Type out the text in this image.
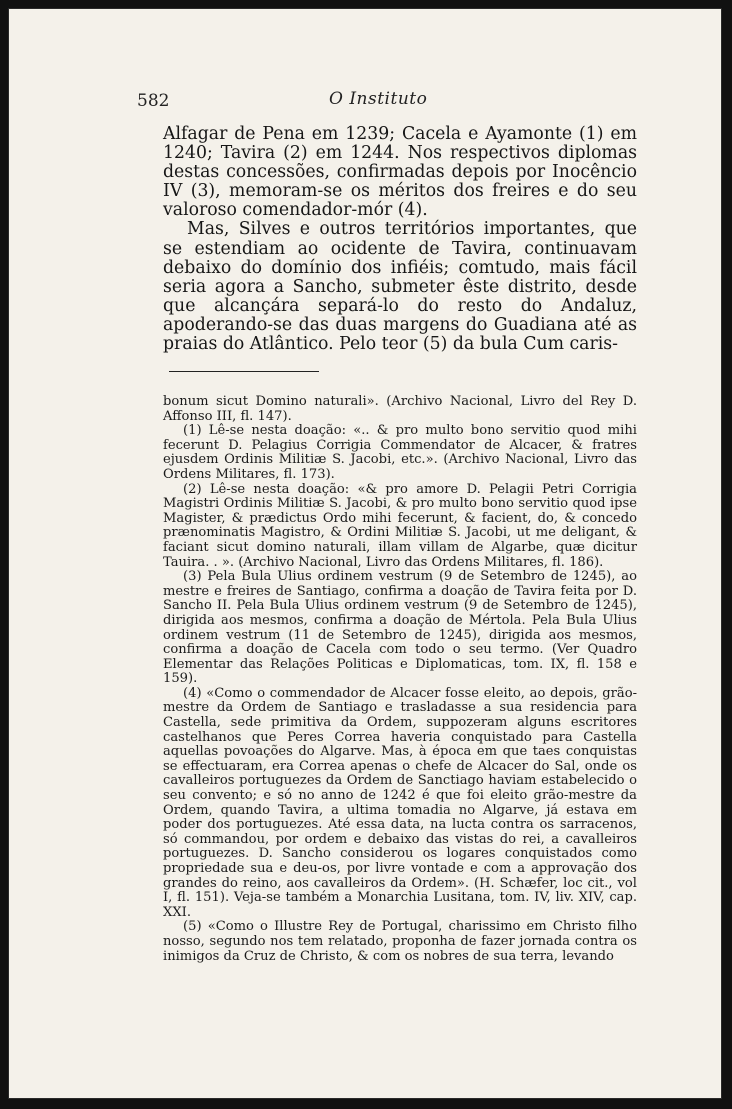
582	O Instituto

Alfagar de Pena em 1239; Cacela e Ayamonte (1) em 1240; Tavira (2) em 1244. Nos respectivos diplomas destas concessões, confirmadas depois por Inocêncio IV (3), memoram-se os méritos dos freires e do seu valoroso comendador-mór (4).

Mas, Silves e outros territórios importantes, que se estendiam ao ocidente de Tavira, continuavam debaixo do domínio dos infiéis; comtudo, mais fácil seria agora a Sancho, submeter êste distrito, desde que alcançára separá-lo do resto do Andaluz, apoderando-se das duas margens do Guadiana até as praias do Atlântico. Pelo teor (5) da bula Cum caris-

bonum sicut Domino naturali». (Archivo Nacional, Livro del Rey D. Affonso III, fl. 147).

(1) Lê-se nesta doação: «.. & pro multo bono servitio quod mihi fecerunt D. Pelagius Corrigia Commendator de Alcacer, & fratres ejusdem Ordinis Militiæ S. Jacobi, etc.». (Archivo Nacional, Livro das Ordens Militares, fl. 173).

(2) Lê-se nesta doação: «& pro amore D. Pelagii Petri Corrigia Magistri Ordinis Militiæ S. Jacobi, & pro multo bono servitio quod ipse Magister, & prædictus Ordo mihi fecerunt, & facient, do, & concedo prænominatis Magistro, & Ordini Militiæ S. Jacobi, ut me deligant, & faciant sicut domino naturali, illam villam de Algarbe, quæ dicitur Tauira. . ». (Archivo Nacional, Livro das Ordens Militares, fl. 186).

(3) Pela Bula Ulius ordinem vestrum (9 de Setembro de 1245), ao mestre e freires de Santiago, confirma a doação de Tavira feita por D. Sancho II. Pela Bula Ulius ordinem vestrum (9 de Setembro de 1245), dirigida aos mesmos, confirma a doação de Mértola. Pela Bula Ulius ordinem vestrum (11 de Setembro de 1245), dirigida aos mesmos, confirma a doação de Cacela com todo o seu termo. (Ver Quadro Elementar das Relações Politicas e Diplomaticas, tom. IX, fl. 158 e 159).

(4) «Como o commendador de Alcacer fosse eleito, ao depois, grão-mestre da Ordem de Santiago e trasladasse a sua residencia para Castella, sede primitiva da Ordem, suppozeram alguns escritores castelhanos que Peres Correa haveria conquistado para Castella aquellas povoações do Algarve. Mas, à época em que taes conquistas se effectuaram, era Correa apenas o chefe de Alcacer do Sal, onde os cavalleiros portuguezes da Ordem de Sanctiago haviam estabelecido o seu convento; e só no anno de 1242 é que foi eleito grão-mestre da Ordem, quando Tavira, a ultima tomadia no Algarve, já estava em poder dos portuguezes. Até essa data, na lucta contra os sarracenos, só commandou, por ordem e debaixo das vistas do rei, a cavalleiros portuguezes. D. Sancho considerou os logares conquistados como propriedade sua e deu-os, por livre vontade e com a approvação dos grandes do reino, aos cavalleiros da Ordem». (H. Schæfer, loc cit., vol I, fl. 151). Veja-se também a Monarchia Lusitana, tom. IV, liv. XIV, cap. XXI.

(5) «Como o Illustre Rey de Portugal, charissimo em Christo filho nosso, segundo nos tem relatado, proponha de fazer jornada contra os inimigos da Cruz de Christo, & com os nobres de sua terra, levando
